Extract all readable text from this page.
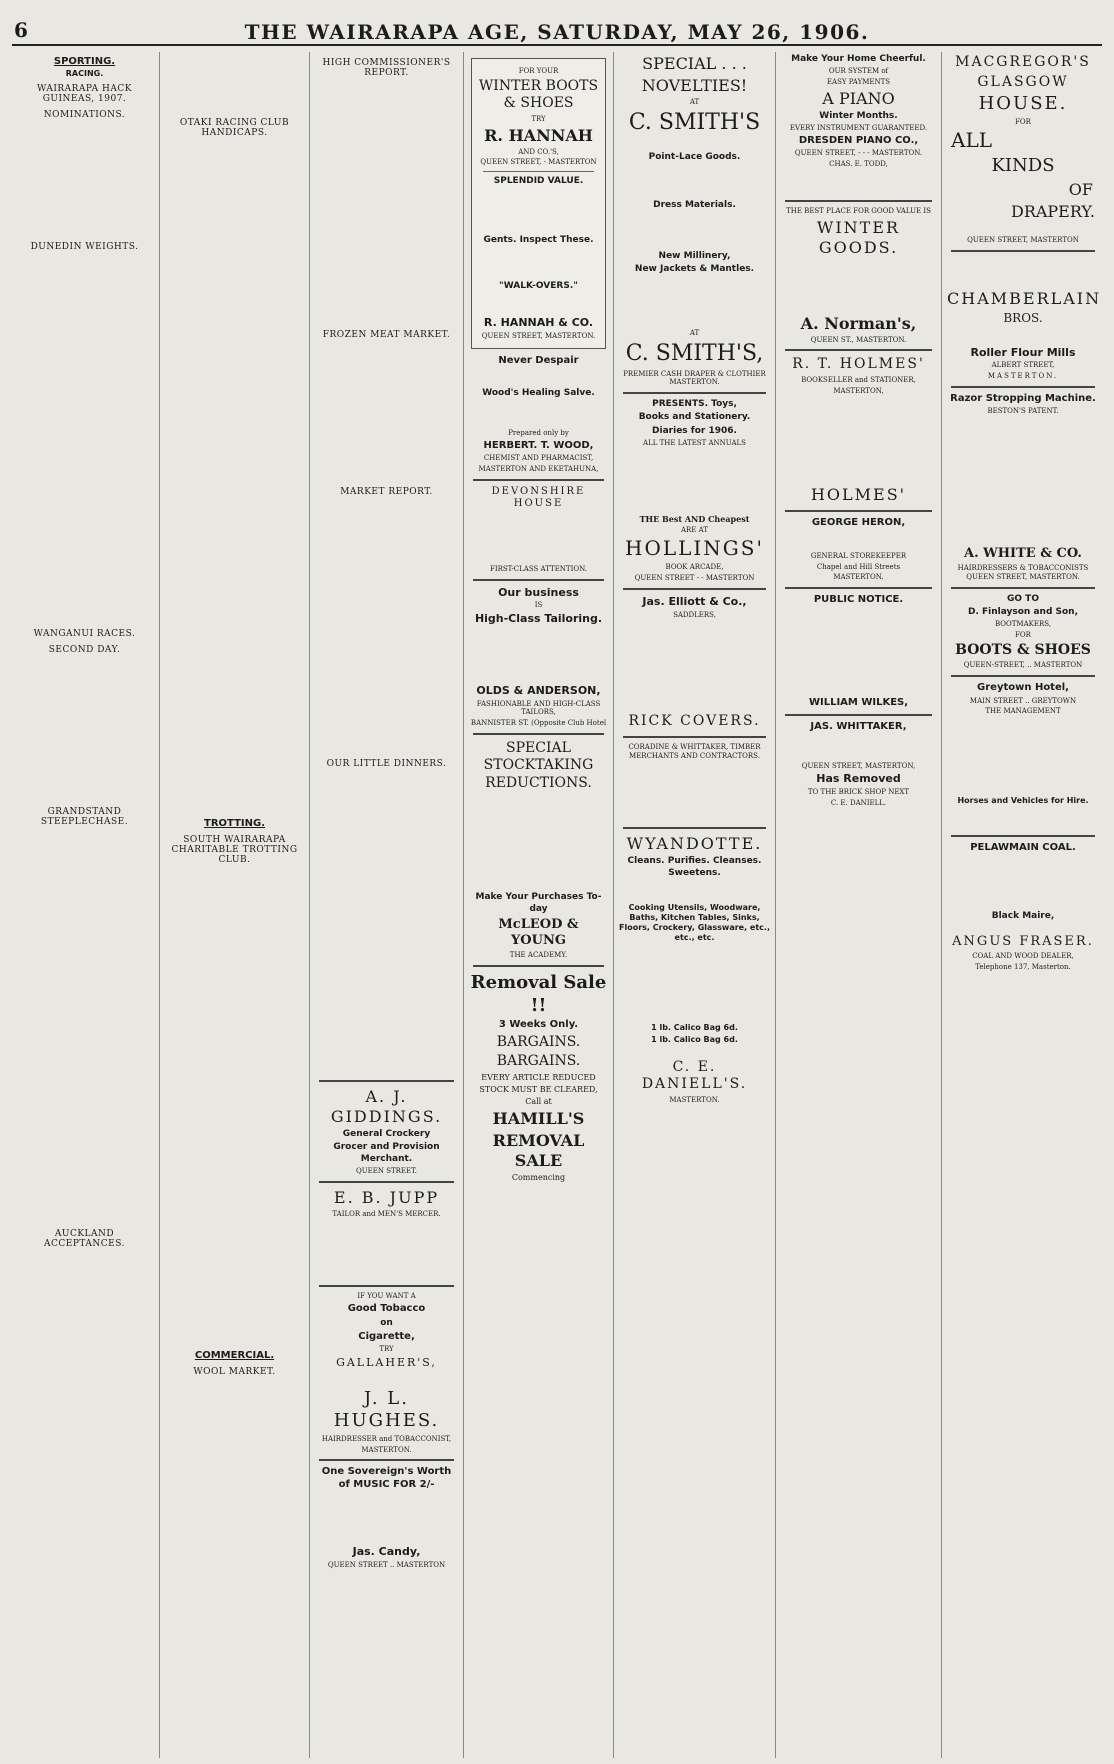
6	THE WAIRARAPA AGE, SATURDAY, MAY 26, 1906.
SPORTING.
RACING.
WAIRARAPA HACK GUINEAS, 1907.
NOMINATIONS.
DUNEDIN WEIGHTS.
WANGANUI RACES.
SECOND DAY.
GRANDSTAND STEEPLECHASE.
AUCKLAND ACCEPTANCES.
OTAKI RACING CLUB HANDICAPS.
TROTTING.
SOUTH WAIRARAPA CHARITABLE TROTTING CLUB.
COMMERCIAL.
WOOL MARKET.
HIGH COMMISSIONER'S REPORT.
FROZEN MEAT MARKET.
MARKET REPORT.
OUR LITTLE DINNERS.
A. J. GIDDINGS.
General Crockery
Grocer and Provision Merchant.
QUEEN STREET.
E. B. JUPP
TAILOR and MEN'S MERCER.
IF YOU WANT A
Good Tobacco
on
Cigarette,
TRY
GALLAHER'S,
J. L. HUGHES.
HAIRDRESSER and TOBACCONIST,
MASTERTON.
One Sovereign's Worth of MUSIC FOR 2/-
Jas. Candy,
QUEEN STREET .. MASTERTON
FOR YOUR
WINTER BOOTS & SHOES
TRY
R. HANNAH
AND CO.'S,
QUEEN STREET, - MASTERTON
SPLENDID VALUE.
Gents. Inspect These.
"WALK-OVERS."
R. HANNAH & CO.
QUEEN STREET, MASTERTON.
Never Despair
Wood's Healing Salve.
Prepared only by
HERBERT. T. WOOD,
CHEMIST AND PHARMACIST,
MASTERTON AND EKETAHUNA,
DEVONSHIRE HOUSE
FIRST-CLASS ATTENTION.
Our business
IS
High-Class Tailoring.
OLDS & ANDERSON,
FASHIONABLE AND HIGH-CLASS TAILORS,
BANNISTER ST. (Opposite Club Hotel
SPECIAL STOCKTAKING REDUCTIONS.
Make Your Purchases To-day
McLEOD & YOUNG
THE ACADEMY.
Removal Sale !!
3 Weeks Only.
BARGAINS.
BARGAINS.
EVERY ARTICLE REDUCED
STOCK MUST BE CLEARED,
Call at
HAMILL'S
REMOVAL SALE
Commencing
SPECIAL . . .
NOVELTIES!
AT
C. SMITH'S
Point-Lace Goods.
Dress Materials.
New Millinery,
New Jackets & Mantles.
AT
C. SMITH'S,
PREMIER CASH DRAPER & CLOTHIER MASTERTON.
PRESENTS. Toys,
Books and Stationery.
Diaries for 1906.
ALL THE LATEST ANNUALS
THE Best AND Cheapest
ARE AT
HOLLINGS'
BOOK ARCADE,
QUEEN STREET - - MASTERTON
Jas. Elliott & Co.,
SADDLERS,
RICK COVERS.
CORADINE & WHITTAKER, TIMBER MERCHANTS AND CONTRACTORS.
WYANDOTTE.
Cleans. Purifies. Cleanses. Sweetens.
Cooking Utensils, Woodware, Baths, Kitchen Tables, Sinks, Floors, Crockery, Glassware, etc., etc., etc.
1 lb. Calico Bag 6d.
1 lb. Calico Bag 6d.
C. E. DANIELL'S.
MASTERTON.
Make Your Home Cheerful.
OUR SYSTEM of
EASY PAYMENTS
A PIANO
Winter Months.
EVERY INSTRUMENT GUARANTEED.
DRESDEN PIANO CO.,
QUEEN STREET, - - - MASTERTON.
CHAS. E. TODD,
THE BEST PLACE FOR GOOD VALUE IS
WINTER GOODS.
A. Norman's,
QUEEN ST., MASTERTON.
R. T. HOLMES'
BOOKSELLER and STATIONER,
MASTERTON,
HOLMES'
GEORGE HERON,
GENERAL STOREKEEPER
Chapel and Hill Streets
MASTERTON.
PUBLIC NOTICE.
WILLIAM WILKES,
JAS. WHITTAKER,
QUEEN STREET, MASTERTON,
Has Removed
TO THE BRICK SHOP NEXT
C. E. DANIELL.
MACGREGOR'S
GLASGOW
HOUSE.
FOR
ALL
KINDS
OF
DRAPERY.
QUEEN STREET, MASTERTON
CHAMBERLAIN
BROS.
Roller Flour Mills
ALBERT STREET,
MASTERTON.
Razor Stropping Machine.
BESTON'S PATENT.
A. WHITE & CO.
HAIRDRESSERS & TOBACCONISTS QUEEN STREET, MASTERTON.
GO TO
D. Finlayson and Son,
BOOTMAKERS,
FOR
BOOTS & SHOES
QUEEN-STREET, .. MASTERTON
Greytown Hotel,
MAIN STREET .. GREYTOWN
THE MANAGEMENT
Horses and Vehicles for Hire.
PELAWMAIN COAL.
Black Maire,
ANGUS FRASER.
COAL AND WOOD DEALER,
Telephone 137, Masterton.
